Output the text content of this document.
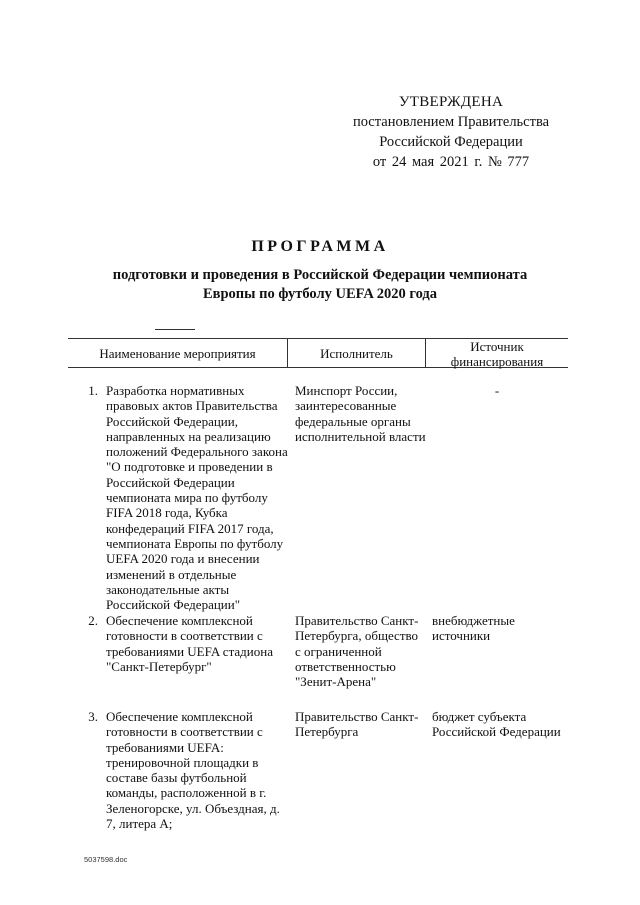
УТВЕРЖДЕНА
постановлением Правительства
Российской Федерации
от 24 мая 2021 г. № 777
ПРОГРАММА
подготовки и проведения в Российской Федерации чемпионата Европы по футболу UEFA 2020 года
Наименование мероприятия	Исполнитель	Источник финансирования
1. Разработка нормативных правовых актов Правительства Российской Федерации, направленных на реализацию положений Федерального закона "О подготовке и проведении в Российской Федерации чемпионата мира по футболу FIFA 2018 года, Кубка конфедераций FIFA 2017 года, чемпионата Европы по футболу UEFA 2020 года и внесении изменений в отдельные законодательные акты Российской Федерации"
Минспорт России, заинтересованные федеральные органы исполнительной власти
-
2. Обеспечение комплексной готовности в соответствии с требованиями UEFA стадиона "Санкт-Петербург"
Правительство Санкт-Петербурга, общество с ограниченной ответственностью "Зенит-Арена"
внебюджетные источники
3. Обеспечение комплексной готовности в соответствии с требованиями UEFA: тренировочной площадки в составе базы футбольной команды, расположенной в г. Зеленогорске, ул. Объездная, д. 7, литера А;
Правительство Санкт-Петербурга
бюджет субъекта Российской Федерации
5037598.doc
